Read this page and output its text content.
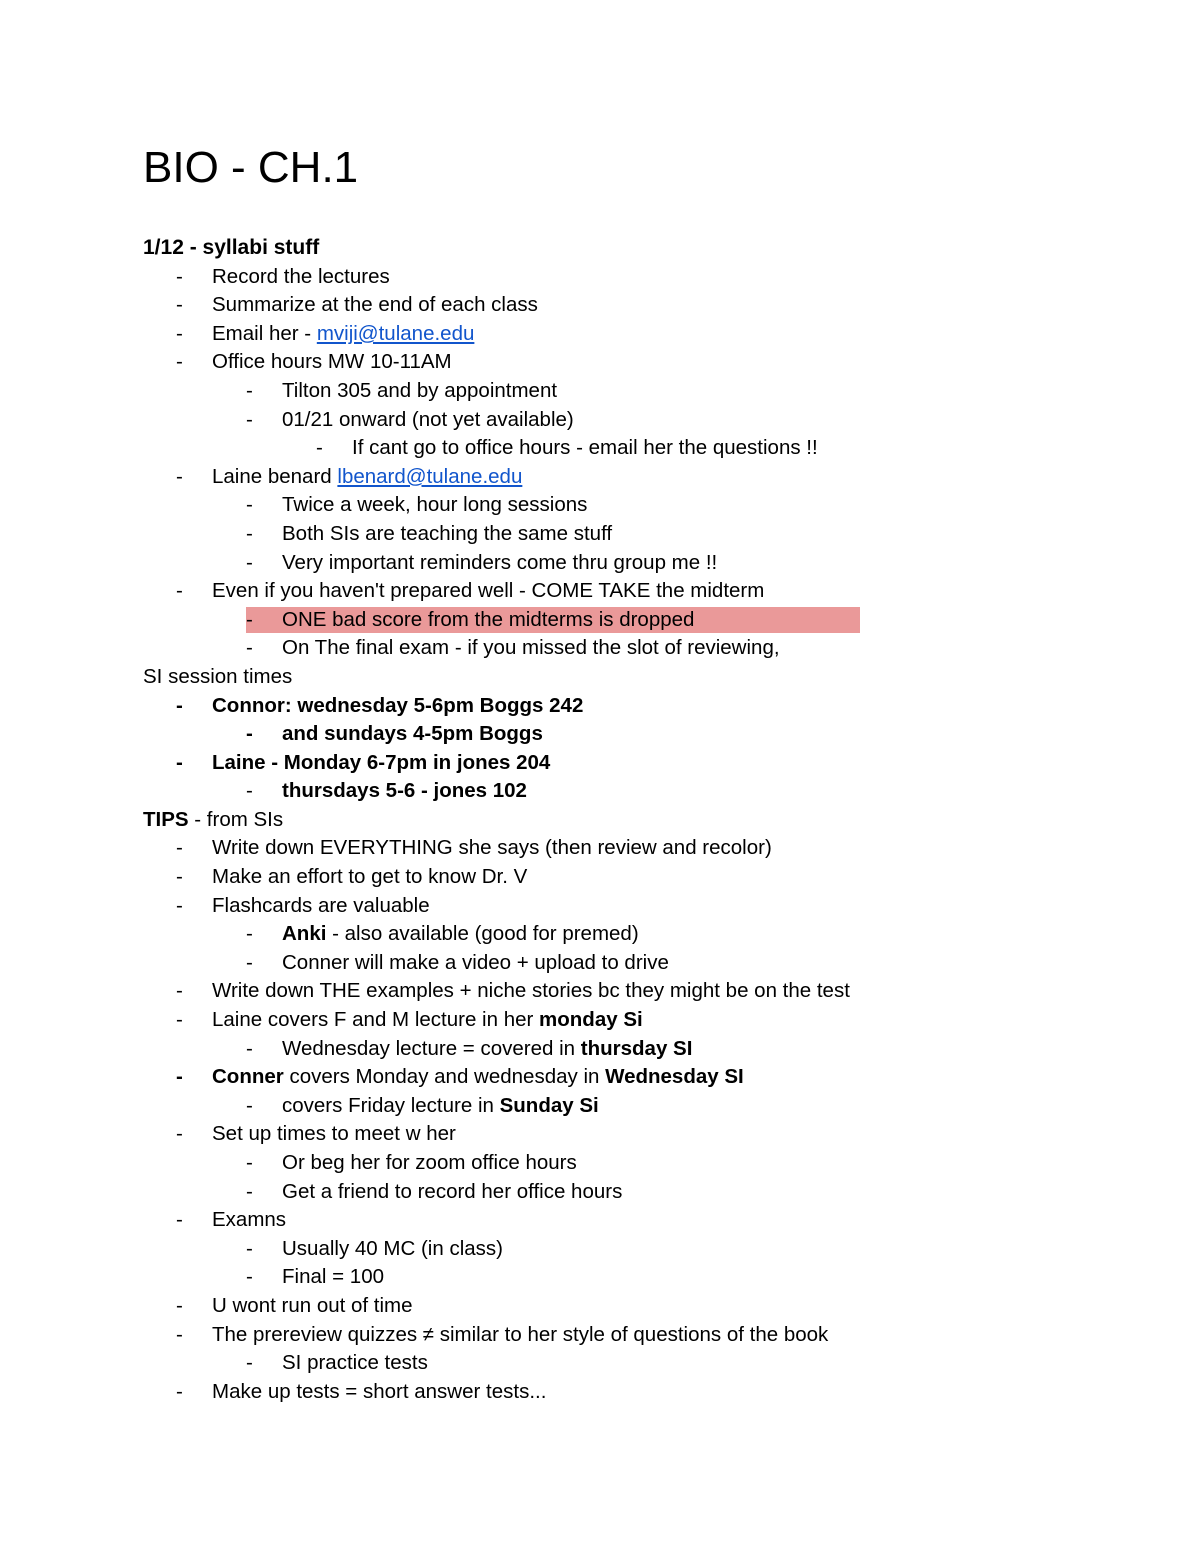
BIO - CH.1
1/12 - syllabi stuff
- Record the lectures
- Summarize at the end of each class
- Email her - mviji@tulane.edu
- Office hours MW 10-11AM
- Tilton 305 and by appointment
- 01/21 onward (not yet available)
- If cant go to office hours - email her the questions !!
- Laine benard lbenard@tulane.edu
- Twice a week, hour long sessions
- Both SIs are teaching the same stuff
- Very important reminders come thru group me !!
- Even if you haven't prepared well - COME TAKE the midterm
- ONE bad score from the midterms is dropped
- On The final exam - if you missed the slot of reviewing,
SI session times
- Connor: wednesday 5-6pm Boggs 242
- and sundays 4-5pm Boggs
- Laine - Monday 6-7pm in jones 204
- thursdays 5-6 - jones 102
TIPS - from SIs
- Write down EVERYTHING she says (then review and recolor)
- Make an effort to get to know Dr. V
- Flashcards are valuable
- Anki - also available (good for premed)
- Conner will make a video + upload to drive
- Write down THE examples + niche stories bc they might be on the test
- Laine covers F and M lecture in her monday Si
- Wednesday lecture = covered in thursday SI
- Conner covers Monday and wednesday in Wednesday SI
- covers Friday lecture in Sunday Si
- Set up times to meet w her
- Or beg her for zoom office hours
- Get a friend to record her office hours
- Examns
- Usually 40 MC (in class)
- Final = 100
- U wont run out of time
- The prereview quizzes ≠ similar to her style of questions of the book
- SI practice tests
- Make up tests = short answer tests...
